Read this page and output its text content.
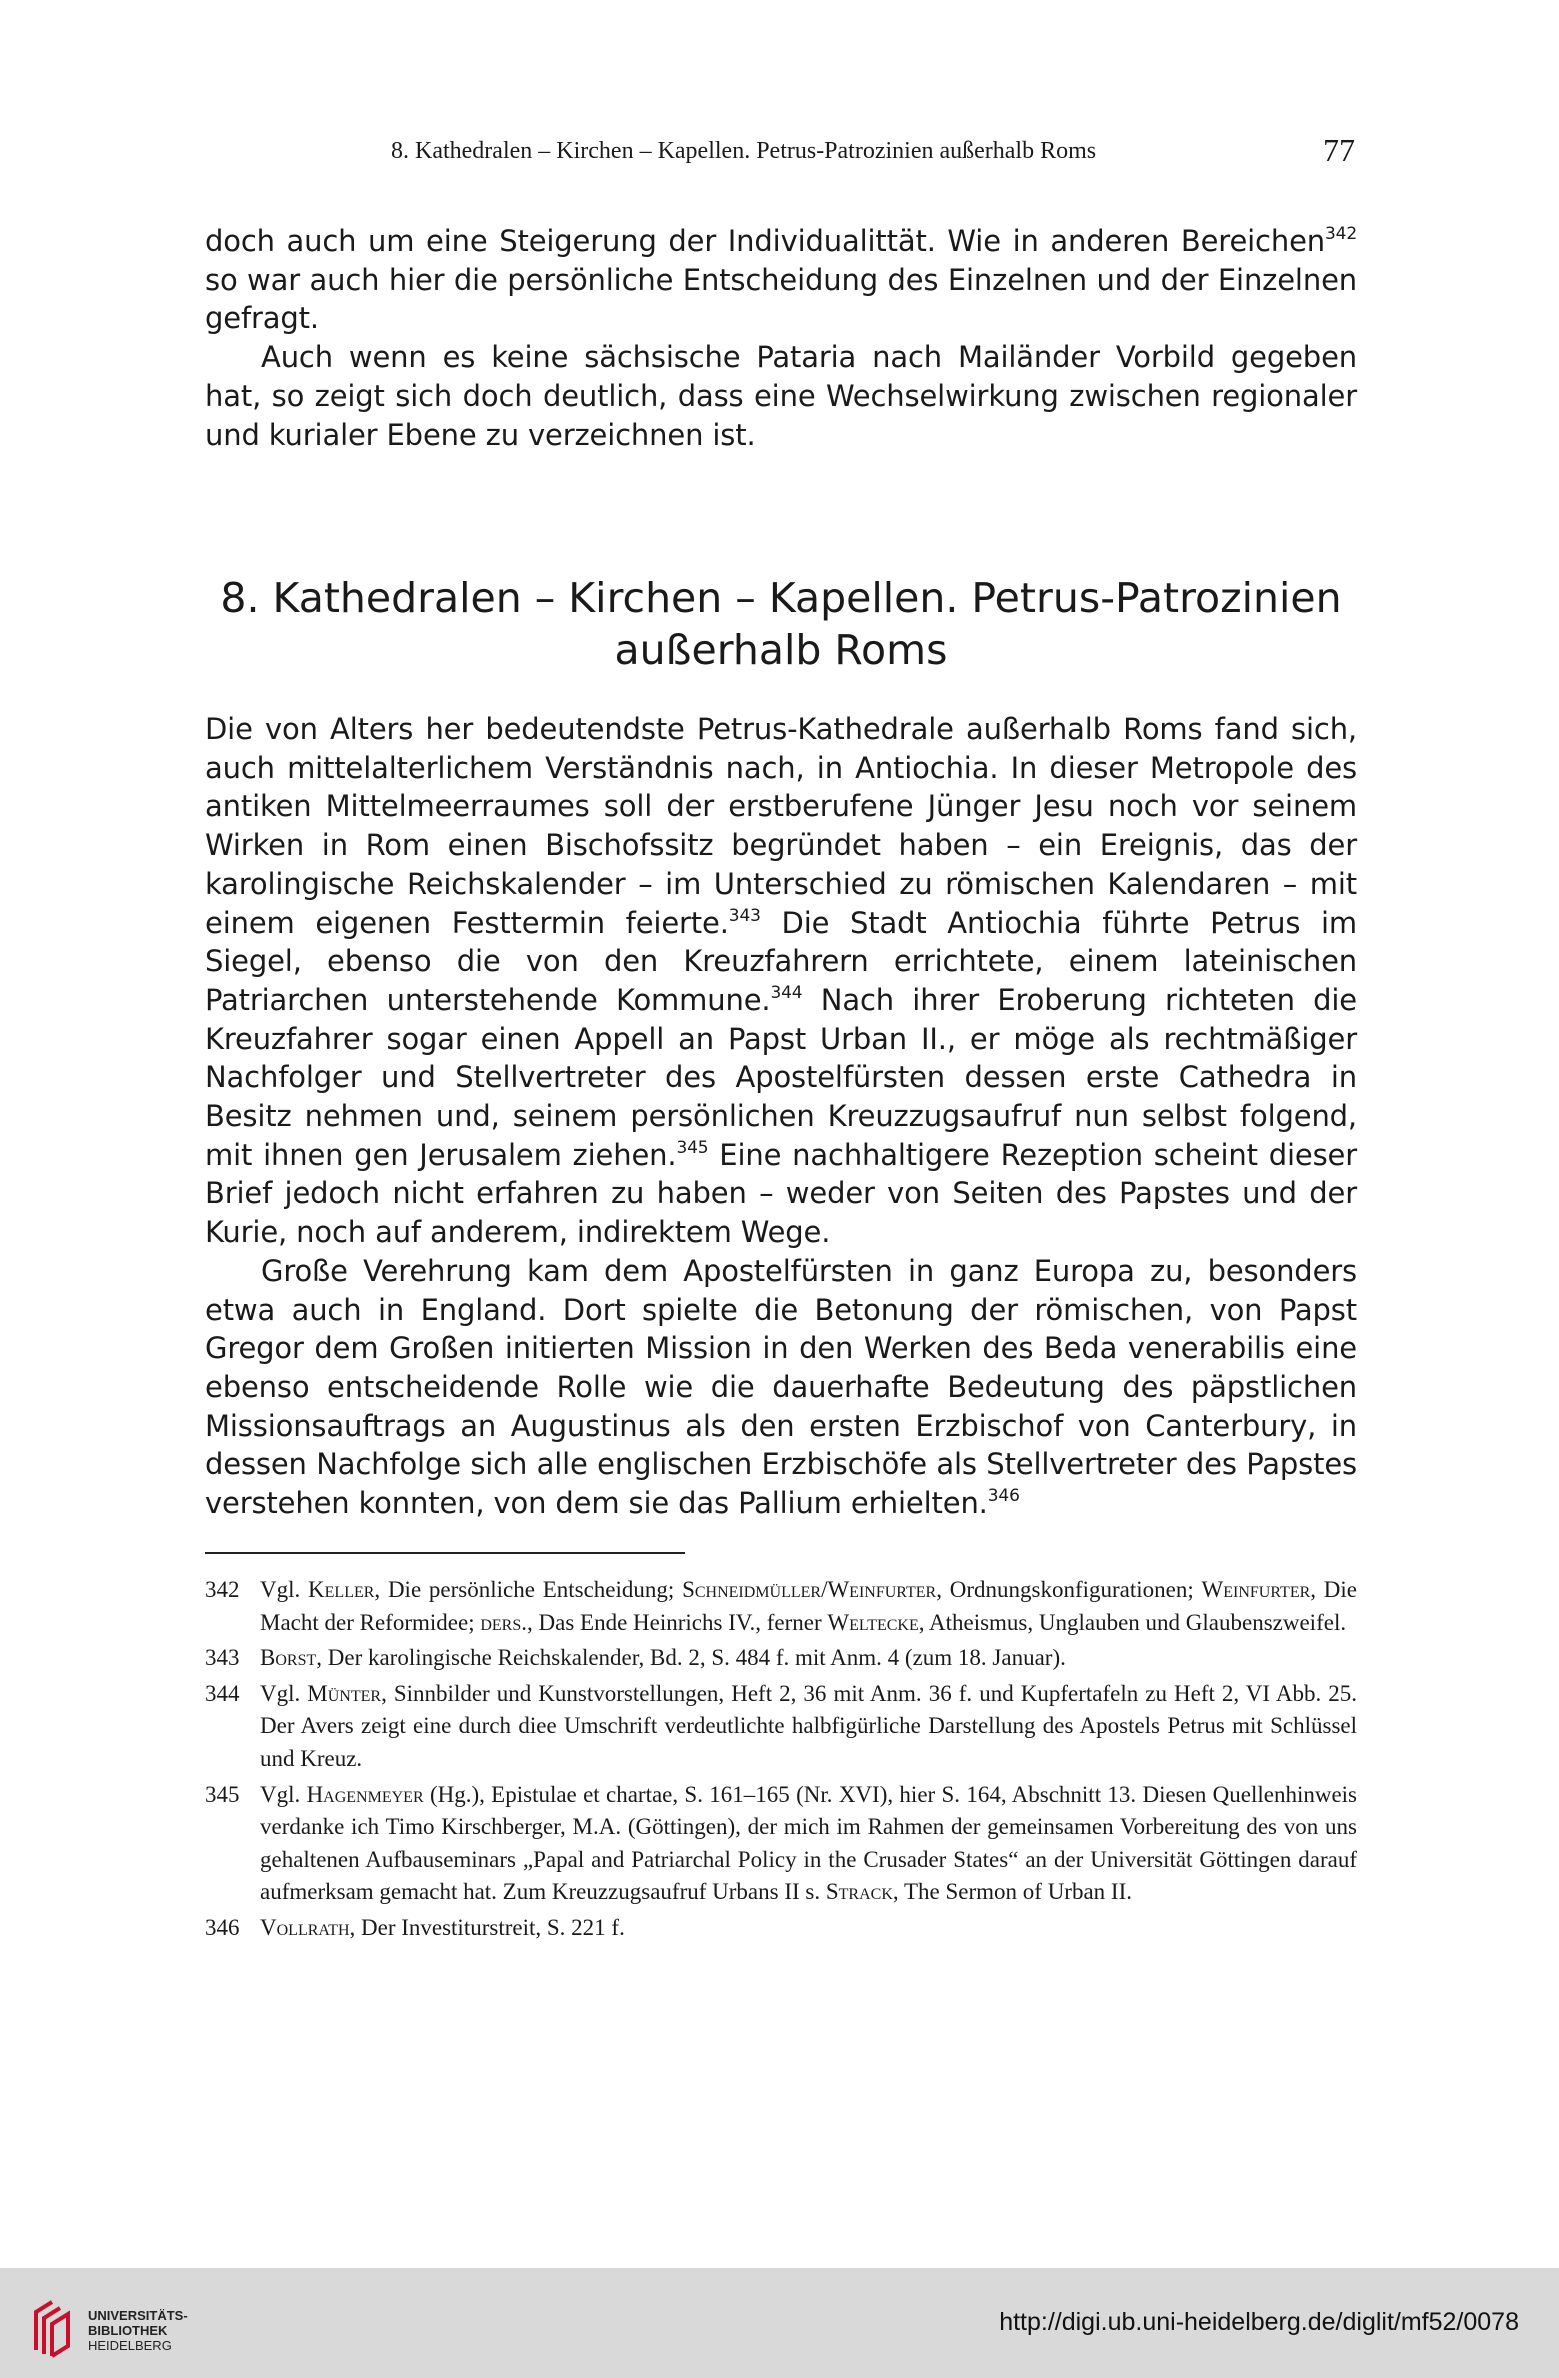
8. Kathedralen – Kirchen – Kapellen. Petrus-Patrozinien außerhalb Roms	77

doch auch um eine Steigerung der Individualittät. Wie in anderen Bereichen$^{342}$ so war auch hier die persönliche Entscheidung des Einzelnen und der Einzelnen gefragt.

Auch wenn es keine sächsische Pataria nach Mailänder Vorbild gegeben hat, so zeigt sich doch deutlich, dass eine Wechselwirkung zwischen regionaler und kurialer Ebene zu verzeichnen ist.

8. Kathedralen – Kirchen – Kapellen. Petrus-Patrozinien
außerhalb Roms

Die von Alters her bedeutendste Petrus-Kathedrale außerhalb Roms fand sich, auch mittelalterlichem Verständnis nach, in Antiochia. In dieser Metropole des antiken Mittelmeerraumes soll der erstberufene Jünger Jesu noch vor seinem Wirken in Rom einen Bischofssitz begründet haben – ein Ereignis, das der karolingische Reichskalender – im Unterschied zu römischen Kalendaren – mit einem eigenen Festtermin feierte.$^{343}$ Die Stadt Antiochia führte Petrus im Siegel, ebenso die von den Kreuzfahrern errichtete, einem lateinischen Patriarchen unterstehende Kommune.$^{344}$ Nach ihrer Eroberung richteten die Kreuzfahrer sogar einen Appell an Papst Urban II., er möge als rechtmäßiger Nachfolger und Stellvertreter des Apostelfürsten dessen erste Cathedra in Besitz nehmen und, seinem persönlichen Kreuzzugsaufruf nun selbst folgend, mit ihnen gen Jerusalem ziehen.$^{345}$ Eine nachhaltigere Rezeption scheint dieser Brief jedoch nicht erfahren zu haben – weder von Seiten des Papstes und der Kurie, noch auf anderem, indirektem Wege.

Große Verehrung kam dem Apostelfürsten in ganz Europa zu, besonders etwa auch in England. Dort spielte die Betonung der römischen, von Papst Gregor dem Großen initierten Mission in den Werken des Beda venerabilis eine ebenso entscheidende Rolle wie die dauerhafte Bedeutung des päpstlichen Missionsauftrags an Augustinus als den ersten Erzbischof von Canterbury, in dessen Nachfolge sich alle englischen Erzbischöfe als Stellvertreter des Papstes verstehen konnten, von dem sie das Pallium erhielten.$^{346}$

342 Vgl. Keller, Die persönliche Entscheidung; Schneidmüller/Weinfurter, Ordnungskonfigurationen; Weinfurter, Die Macht der Reformidee; ders., Das Ende Heinrichs IV., ferner Weltecke, Atheismus, Unglauben und Glaubenszweifel.
343 Borst, Der karolingische Reichskalender, Bd. 2, S. 484 f. mit Anm. 4 (zum 18. Januar).
344 Vgl. Münter, Sinnbilder und Kunstvorstellungen, Heft 2, 36 mit Anm. 36 f. und Kupfertafeln zu Heft 2, VI Abb. 25. Der Avers zeigt eine durch diee Umschrift verdeutlichte halbfigürliche Darstellung des Apostels Petrus mit Schlüssel und Kreuz.
345 Vgl. Hagenmeyer (Hg.), Epistulae et chartae, S. 161–165 (Nr. XVI), hier S. 164, Abschnitt 13. Diesen Quellenhinweis verdanke ich Timo Kirschberger, M.A. (Göttingen), der mich im Rahmen der gemeinsamen Vorbereitung des von uns gehaltenen Aufbauseminars „Papal and Patriarchal Policy in the Crusader States“ an der Universität Göttingen darauf aufmerksam gemacht hat. Zum Kreuzzugsaufruf Urbans II s. Strack, The Sermon of Urban II.
346 Vollrath, Der Investiturstreit, S. 221 f.
UNIVERSITÄTS-
BIBLIOTHEK
HEIDELBERG
http://digi.ub.uni-heidelberg.de/diglit/mf52/0078
